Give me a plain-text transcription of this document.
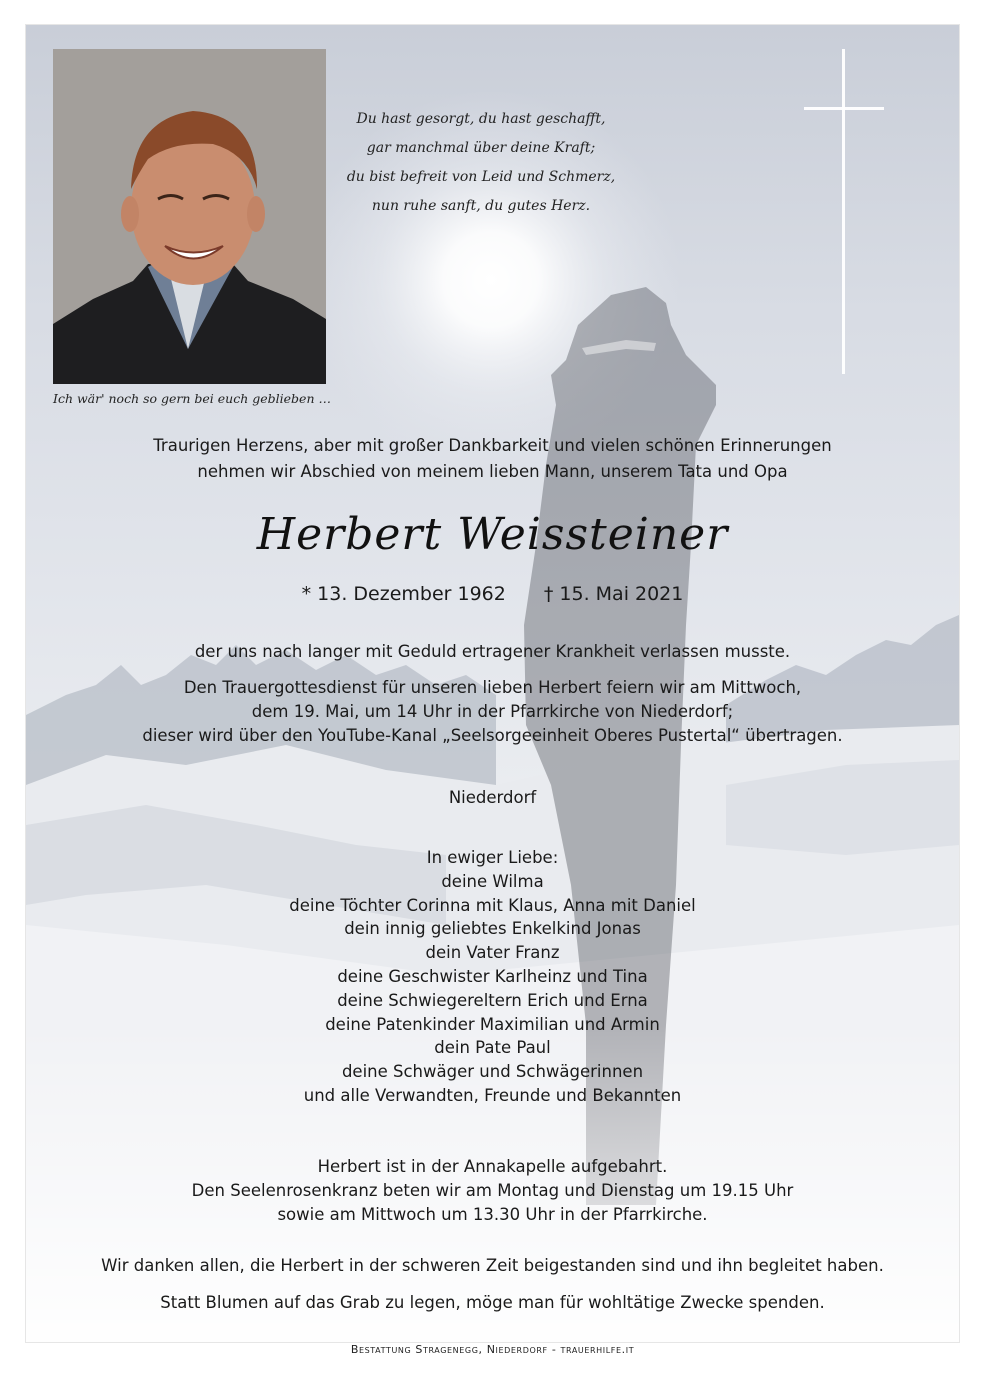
Du hast gesorgt, du hast geschafft,
gar manchmal über deine Kraft;
du bist befreit von Leid und Schmerz,
nun ruhe sanft, du gutes Herz.
Ich wär' noch so gern bei euch geblieben …
Traurigen Herzens, aber mit großer Dankbarkeit und vielen schönen Erinnerungen
nehmen wir Abschied von meinem lieben Mann, unserem Tata und Opa
Herbert Weissteiner
* 13. Dezember 1962 † 15. Mai 2021
der uns nach langer mit Geduld ertragener Krankheit verlassen musste.
Den Trauergottesdienst für unseren lieben Herbert feiern wir am Mittwoch,
dem 19. Mai, um 14 Uhr in der Pfarrkirche von Niederdorf;
dieser wird über den YouTube-Kanal „Seelsorgeeinheit Oberes Pustertal“ übertragen.
Niederdorf
In ewiger Liebe:
deine Wilma
deine Töchter Corinna mit Klaus, Anna mit Daniel
dein innig geliebtes Enkelkind Jonas
dein Vater Franz
deine Geschwister Karlheinz und Tina
deine Schwiegereltern Erich und Erna
deine Patenkinder Maximilian und Armin
dein Pate Paul
deine Schwäger und Schwägerinnen
und alle Verwandten, Freunde und Bekannten
Herbert ist in der Annakapelle aufgebahrt.
Den Seelenrosenkranz beten wir am Montag und Dienstag um 19.15 Uhr
sowie am Mittwoch um 13.30 Uhr in der Pfarrkirche.
Wir danken allen, die Herbert in der schweren Zeit beigestanden sind und ihn begleitet haben.
Statt Blumen auf das Grab zu legen, möge man für wohltätige Zwecke spenden.
Bestattung Stragenegg, Niederdorf - trauerhilfe.it
